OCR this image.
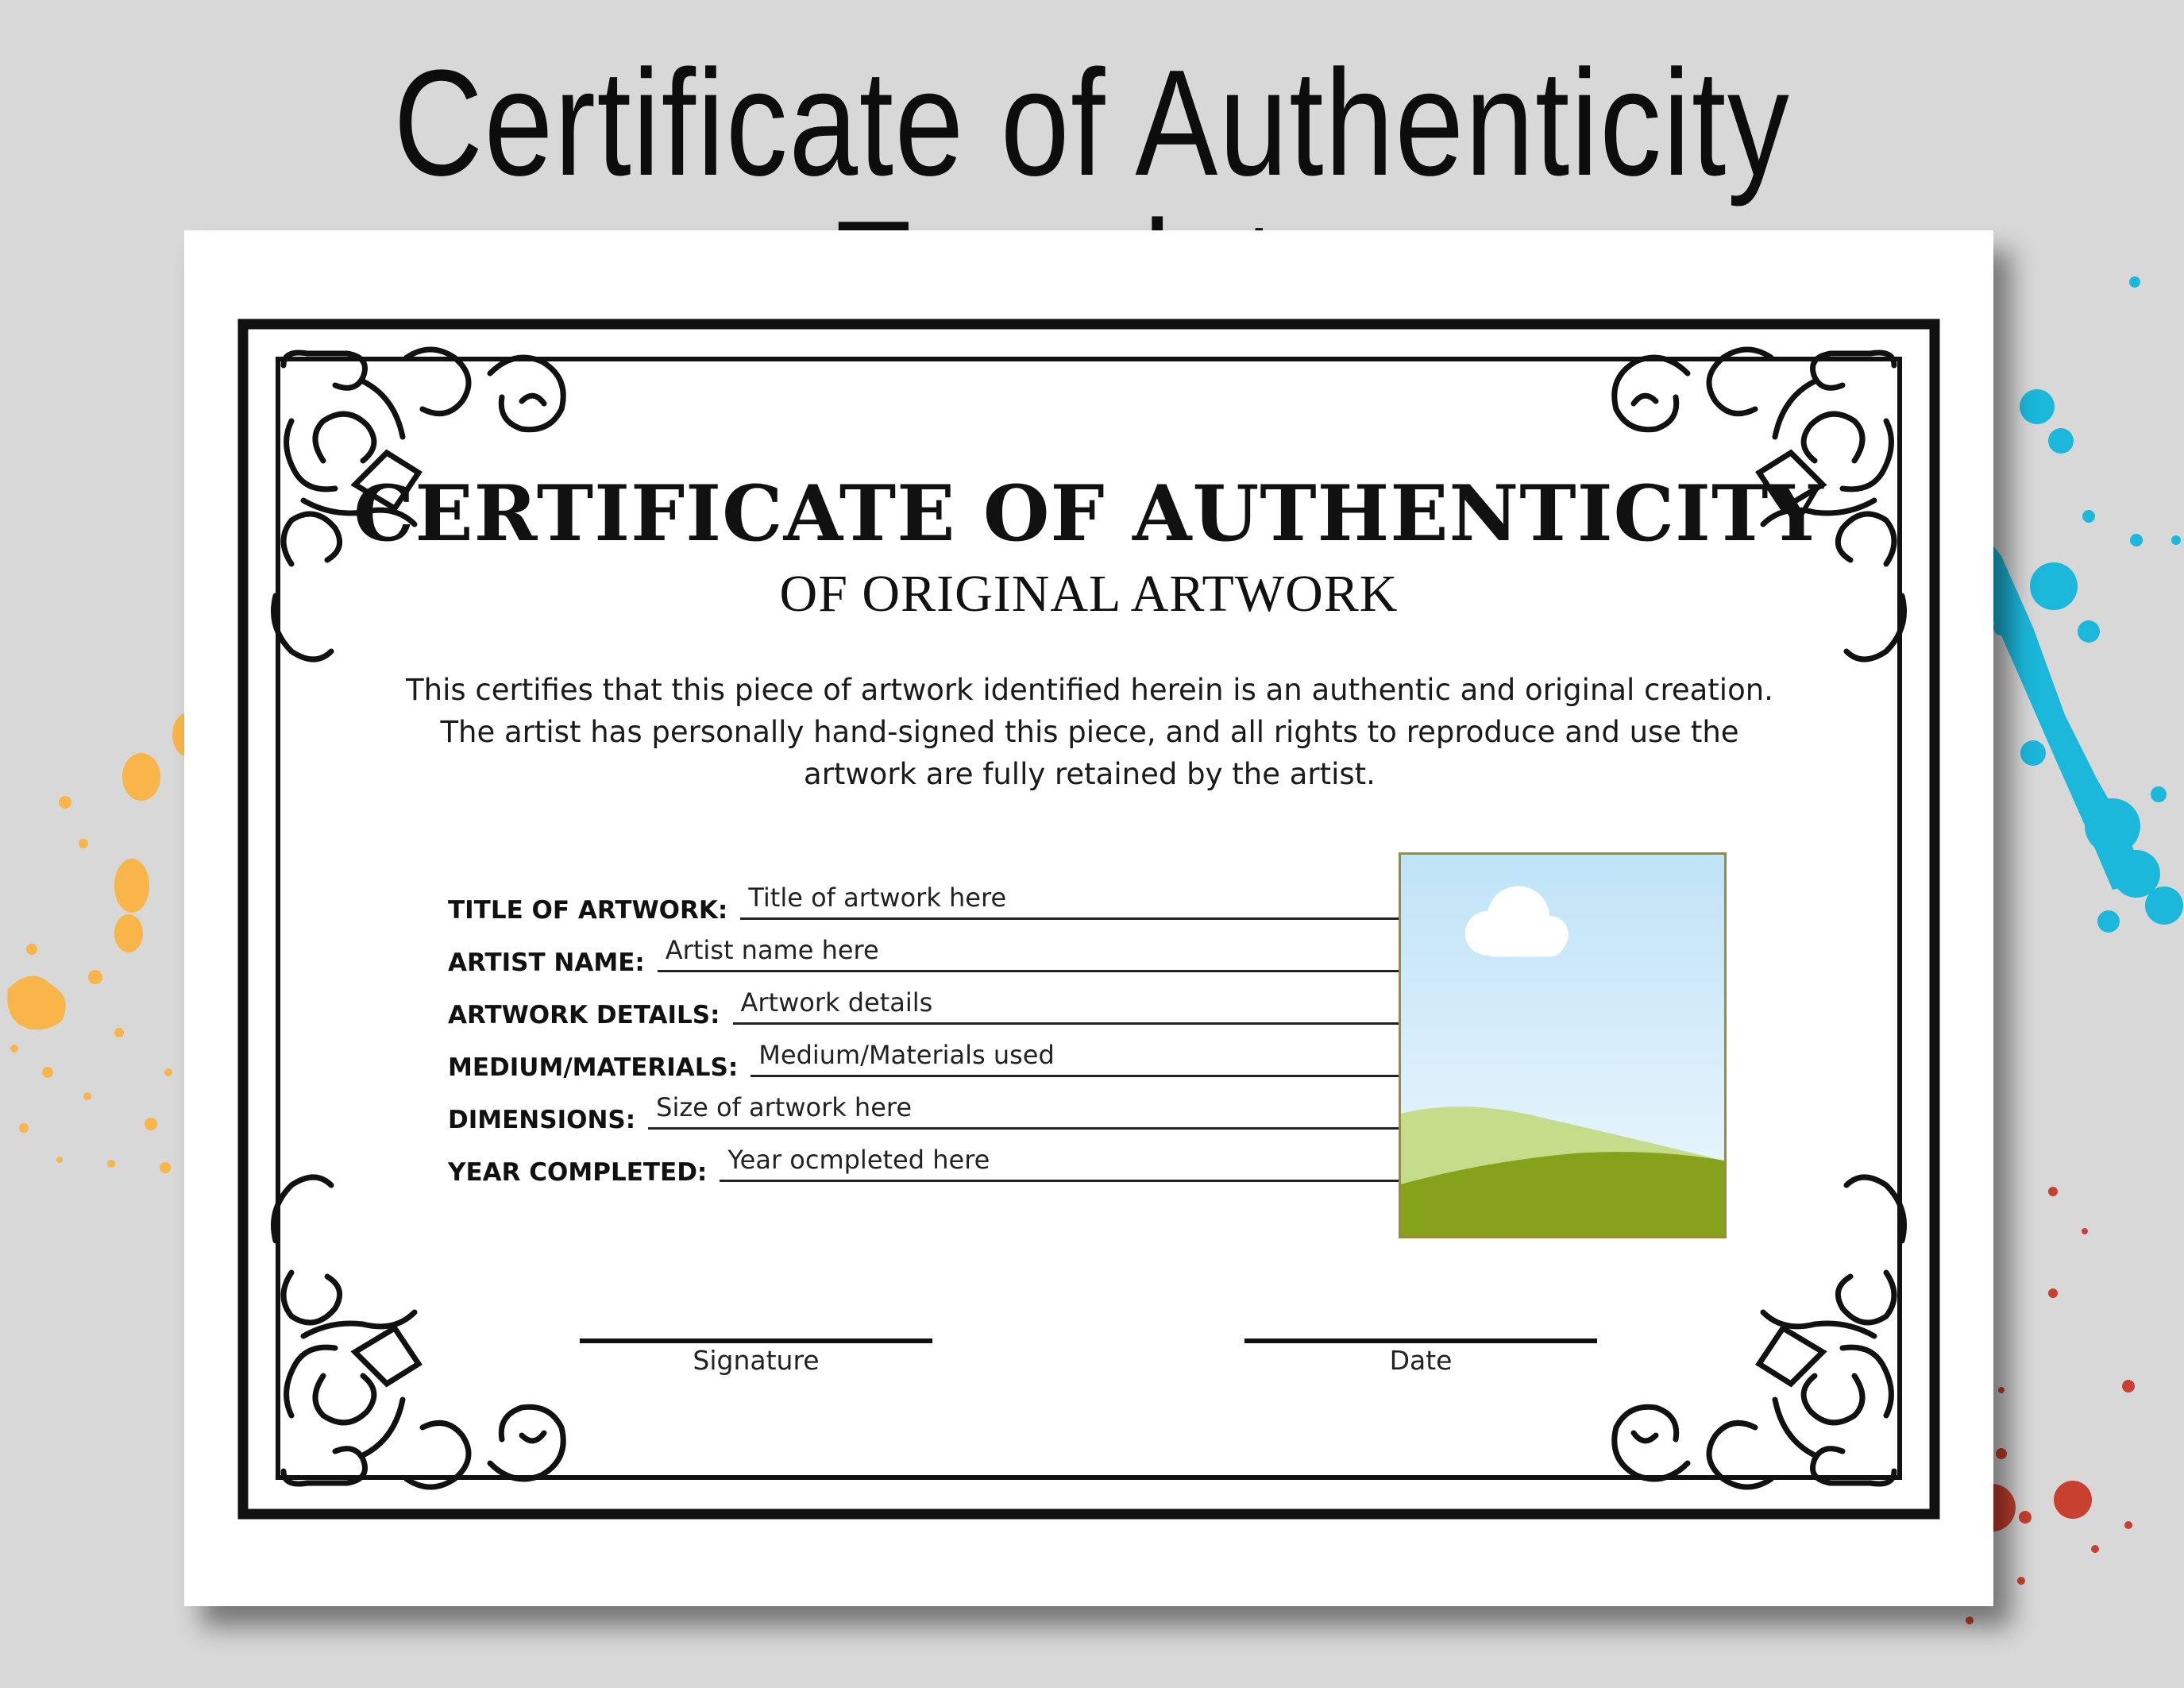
Certificate of Authenticity
CERTIFICATE OF AUTHENTICITY
OF ORIGINAL ARTWORK
This certifies that this piece of artwork identified herein is an authentic and original creation. The artist has personally hand-signed this piece, and all rights to reproduce and use the artwork are fully retained by the artist.
TITLE OF ARTWORK: Title of artwork here
ARTIST NAME: Artist name here
ARTWORK DETAILS: Artwork details
MEDIUM/MATERIALS: Medium/Materials used
DIMENSIONS: Size of artwork here
YEAR COMPLETED: Year ocmpleted here
Signature	Date
